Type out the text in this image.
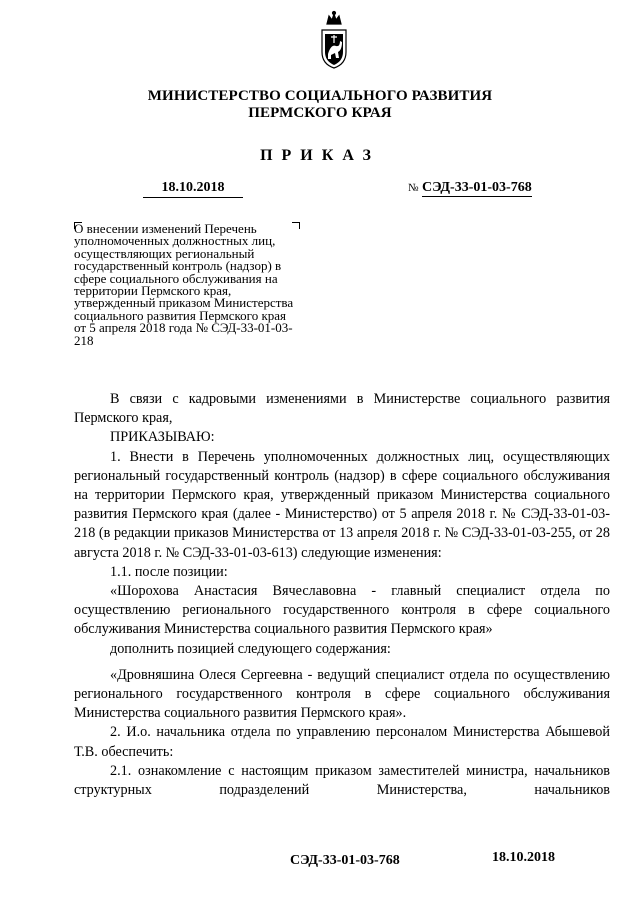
МИНИСТЕРСТВО СОЦИАЛЬНОГО РАЗВИТИЯ
ПЕРМСКОГО КРАЯ
ПРИКАЗ
18.10.2018	№ СЭД-33-01-03-768
О внесении изменений Перечень уполномоченных должностных лиц, осуществляющих региональный государственный контроль (надзор) в сфере социального обслуживания на территории Пермского края, утвержденный приказом Министерства социального развития Пермского края от 5 апреля 2018 года № СЭД-33-01-03-218

В связи с кадровыми изменениями в Министерстве социального развития Пермского края,

ПРИКАЗЫВАЮ:

1. Внести в Перечень уполномоченных должностных лиц, осуществляющих региональный государственный контроль (надзор) в сфере социального обслуживания на территории Пермского края, утвержденный приказом Министерства социального развития Пермского края (далее - Министерство) от 5 апреля 2018 г. № СЭД-33-01-03-218 (в редакции приказов Министерства от 13 апреля 2018 г. № СЭД-33-01-03-255, от 28 августа 2018 г. № СЭД-33-01-03-613) следующие изменения:

1.1. после позиции:

«Шорохова Анастасия Вячеславовна - главный специалист отдела по осуществлению регионального государственного контроля в сфере социального обслуживания Министерства социального развития Пермского края»

дополнить позицией следующего содержания:

«Дровняшина Олеся Сергеевна - ведущий специалист отдела по осуществлению регионального государственного контроля в сфере социального обслуживания Министерства социального развития Пермского края».

2. И.о. начальника отдела по управлению персоналом Министерства Абышевой Т.В. обеспечить:

2.1. ознакомление с настоящим приказом заместителей министра, начальников структурных подразделений Министерства, начальников

СЭД-33-01-03-768	18.10.2018
